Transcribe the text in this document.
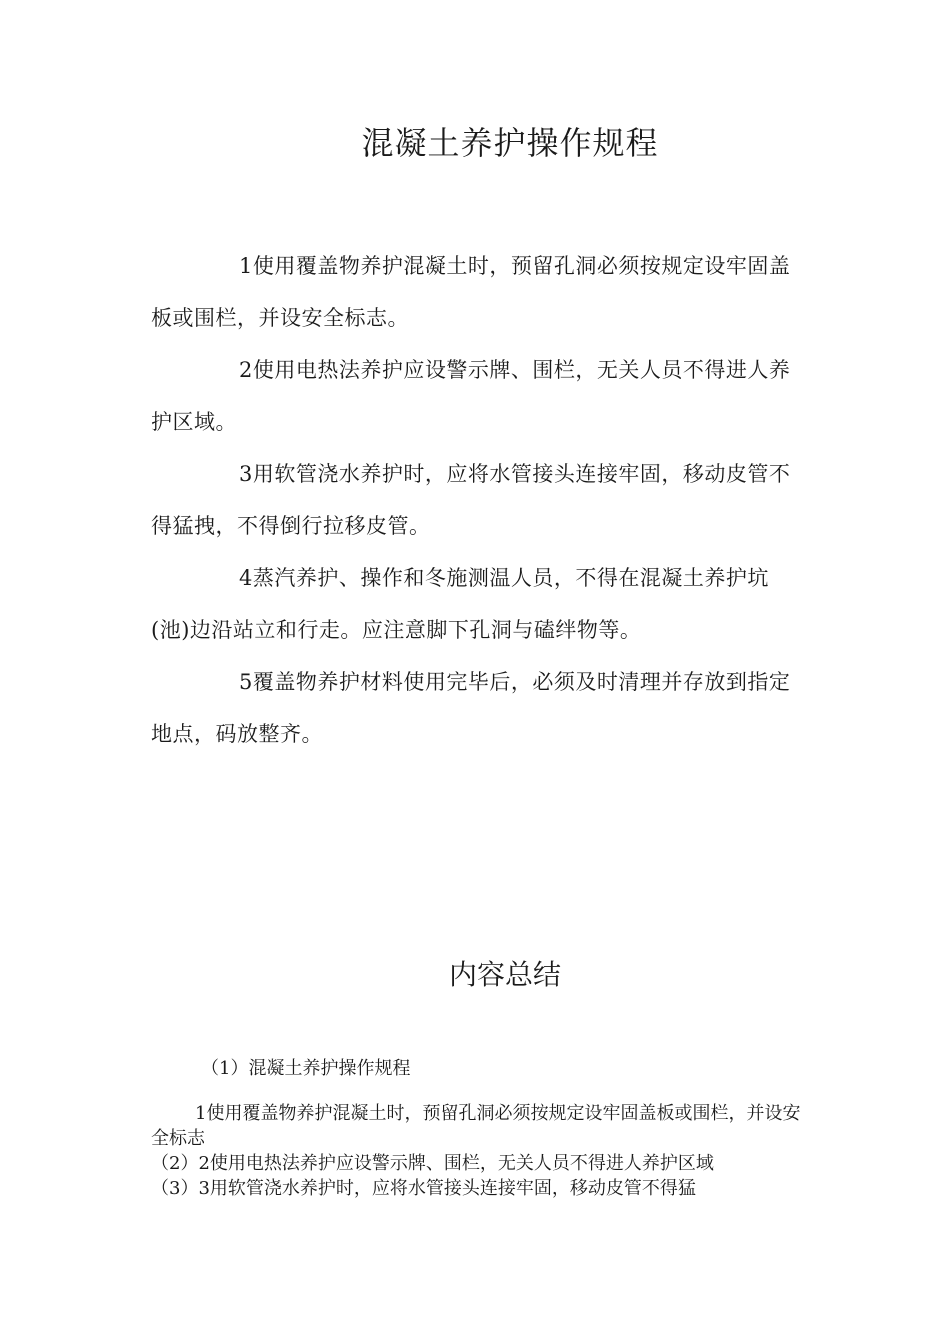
混凝土养护操作规程

1使用覆盖物养护混凝土时，预留孔洞必须按规定设牢固盖板或围栏，并设安全标志。

2使用电热法养护应设警示牌、围栏，无关人员不得进人养护区域。

3用软管浇水养护时，应将水管接头连接牢固，移动皮管不得猛拽，不得倒行拉移皮管。

4蒸汽养护、操作和冬施测温人员，不得在混凝土养护坑(池)边沿站立和行走。应注意脚下孔洞与磕绊物等。

5覆盖物养护材料使用完毕后，必须及时清理并存放到指定地点，码放整齐。

内容总结
（1）混凝土养护操作规程

1使用覆盖物养护混凝土时，预留孔洞必须按规定设牢固盖板或围栏，并设安全标志

（2）2使用电热法养护应设警示牌、围栏，无关人员不得进人养护区域

（3）3用软管浇水养护时，应将水管接头连接牢固，移动皮管不得猛
